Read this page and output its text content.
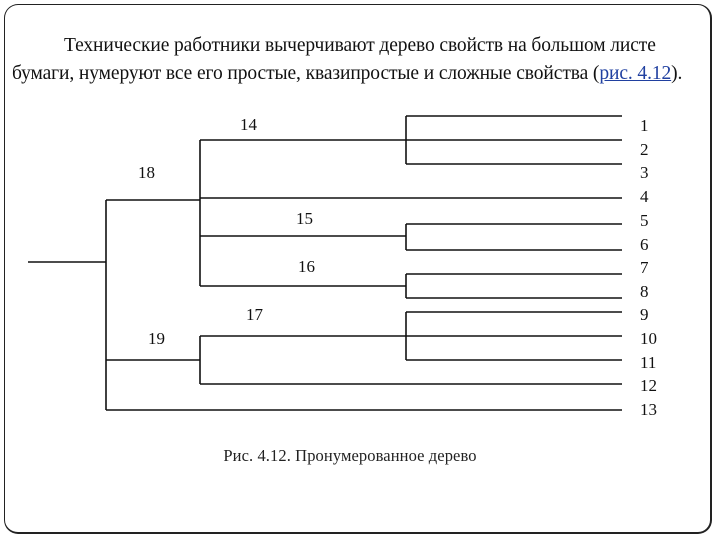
Технические работники вычерчивают дерево свойств на большом листе бумаги, нумеруют все его простые, квазипростые и сложные свойства (рис. 4.12).
1
2
3
4
5
6
7
8
9
10
11
12
13
14
18
15
16
17
19
Рис. 4.12. Пронумерованное дерево
